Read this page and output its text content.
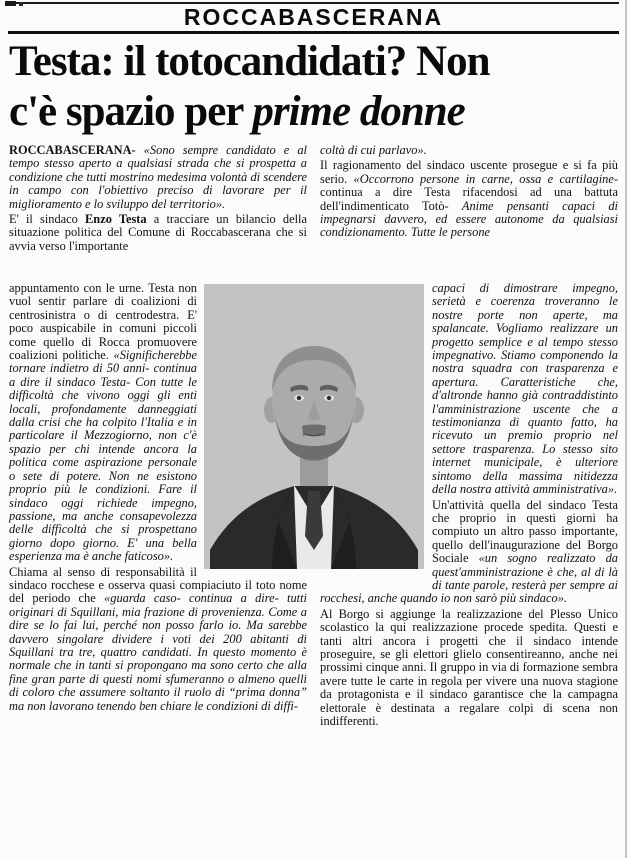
ROCCABASCERANA

Testa: il totocandidati? Non

c'è spazio per prime donne

ROCCABASCERANA- «Sono sempre candidato e al tempo stesso aperto a qualsiasi strada che si prospetta a condizione che tutti mostrino medesima volontà di scendere in campo con l'obiettivo preciso di lavorare per il miglioramento e lo sviluppo del territorio».

E' il sindaco Enzo Testa a tracciare un bilancio della situazione politica del Comune di Roccabascerana che si avvia verso l'importante

appuntamento con le urne. Testa non vuol sentir parlare di coalizioni di centrosinistra o di centrodestra. E' poco auspicabile in comuni piccoli come quello di Rocca promuovere coalizioni politiche. «Significherebbe tornare indietro di 50 anni- continua a dire il sindaco Testa- Con tutte le difficoltà che vivono oggi gli enti locali, profondamente danneggiati dalla crisi che ha colpito l'Italia e in particolare il Mezzogiorno, non c'è spazio per chi intende ancora la politica come aspirazione personale o sete di potere. Non ne esistono proprio più le condizioni. Fare il sindaco oggi richiede impegno, passione, ma anche consapevolezza delle difficoltà che si prospettano giorno dopo giorno. E' una bella esperienza ma è anche faticoso».

Chiama al senso di responsabilità il sindaco rocchese e osserva quasi compiaciuto il toto nome del periodo che «guarda caso- continua a dire- tutti originari di Squillani, mia frazione di provenienza. Come a dire se lo fai lui, perché non posso farlo io. Ma sarebbe davvero singolare dividere i voti dei 200 abitanti di Squillani tra tre, quattro candidati. In questo momento è normale che in tanti si propongano ma sono certo che alla fine gran parte di questi nomi sfumeranno o almeno quelli di coloro che assumere soltanto il ruolo di “prima donna” ma non lavorano tenendo ben chiare le condizioni di diffi-

coltà di cui parlavo».

Il ragionamento del sindaco uscente prosegue e si fa più serio. «Occorrono persone in carne, ossa e cartilagine- continua a dire Testa rifacendosi ad una battuta dell'indimenticato Totò- Anime pensanti capaci di impegnarsi davvero, ed essere autonome da qualsiasi condizionamento. Tutte le persone

capaci di dimostrare impegno, serietà e coerenza troveranno le nostre porte non aperte, ma spalancate. Vogliamo realizzare un progetto semplice e al tempo stesso impegnativo. Stiamo componendo la nostra squadra con trasparenza e apertura. Caratteristiche che, d'altronde hanno già contraddistinto l'amministrazione uscente che a testimonianza di quanto fatto, ha ricevuto un premio proprio nel settore trasparenza. Lo stesso sito internet municipale, è ulteriore sintomo della massima nitidezza della nostra attività amministrativa».

Un'attività quella del sindaco Testa che proprio in questi giorni ha compiuto un altro passo importante, quello dell'inaugurazione del Borgo Sociale «un sogno realizzato da quest'amministrazione è che, al di là di tante parole, resterà per sempre ai rocchesi, anche quando io non sarò più sindaco».

Al Borgo si aggiunge la realizzazione del Plesso Unico scolastico la qui realizzazione procede spedita. Questi e tanti altri ancora i progetti che il sindaco intende proseguire, se gli elettori glielo consentireanno, anche nei prossimi cinque anni. Il gruppo in via di formazione sembra avere tutte le carte in regola per vivere una nuova stagione da protagonista e il sindaco garantisce che la campagna elettorale è destinata a regalare colpi di scena non indifferenti.
